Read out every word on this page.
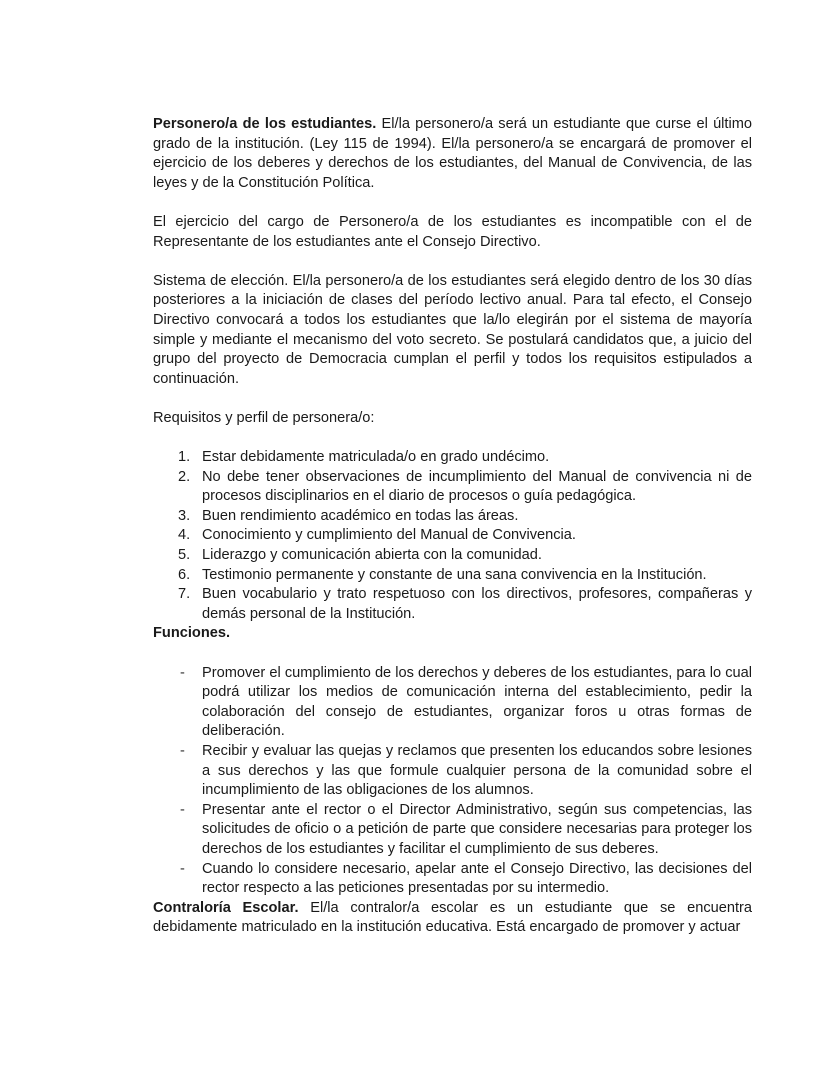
Personero/a de los estudiantes. El/la personero/a será un estudiante que curse el último grado de la institución. (Ley 115 de 1994). El/la personero/a se encargará de promover el ejercicio de los deberes y derechos de los estudiantes, del Manual de Convivencia, de las leyes y de la Constitución Política.

El ejercicio del cargo de Personero/a de los estudiantes es incompatible con el de Representante de los estudiantes ante el Consejo Directivo.

Sistema de elección. El/la personero/a de los estudiantes será elegido dentro de los 30 días posteriores a la iniciación de clases del período lectivo anual. Para tal efecto, el Consejo Directivo convocará a todos los estudiantes que la/lo elegirán por el sistema de mayoría simple y mediante el mecanismo del voto secreto. Se postulará candidatos que, a juicio del grupo del proyecto de Democracia cumplan el perfil y todos los requisitos estipulados a continuación.

Requisitos y perfil de personera/o:

1. Estar debidamente matriculada/o en grado undécimo.
2. No debe tener observaciones de incumplimiento del Manual de convivencia ni de procesos disciplinarios en el diario de procesos o guía pedagógica.
3. Buen rendimiento académico en todas las áreas.
4. Conocimiento y cumplimiento del Manual de Convivencia.
5. Liderazgo y comunicación abierta con la comunidad.
6. Testimonio permanente y constante de una sana convivencia en la Institución.
7. Buen vocabulario y trato respetuoso con los directivos, profesores, compañeras y demás personal de la Institución.

Funciones.

- Promover el cumplimiento de los derechos y deberes de los estudiantes, para lo cual podrá utilizar los medios de comunicación interna del establecimiento, pedir la colaboración del consejo de estudiantes, organizar foros u otras formas de deliberación.
- Recibir y evaluar las quejas y reclamos que presenten los educandos sobre lesiones a sus derechos y las que formule cualquier persona de la comunidad sobre el incumplimiento de las obligaciones de los alumnos.
- Presentar ante el rector o el Director Administrativo, según sus competencias, las solicitudes de oficio o a petición de parte que considere necesarias para proteger los derechos de los estudiantes y facilitar el cumplimiento de sus deberes.
- Cuando lo considere necesario, apelar ante el Consejo Directivo, las decisiones del rector respecto a las peticiones presentadas por su intermedio.

Contraloría Escolar. El/la contralor/a escolar es un estudiante que se encuentra debidamente matriculado en la institución educativa. Está encargado de promover y actuar
